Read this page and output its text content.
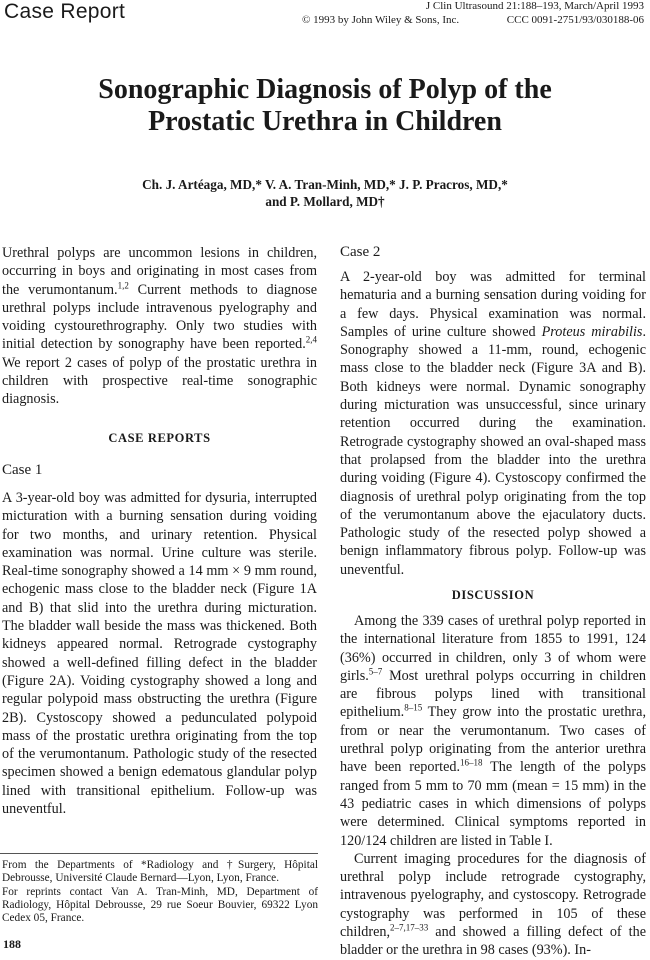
Case Report	J Clin Ultrasound 21:188–193, March/April 1993
© 1993 by John Wiley & Sons, Inc.	CCC 0091-2751/93/030188-06
Sonographic Diagnosis of Polyp of the
Prostatic Urethra in Children
Ch. J. Artéaga, MD,* V. A. Tran-Minh, MD,* J. P. Pracros, MD,*
and P. Mollard, MD†

Urethral polyps are uncommon lesions in children, occurring in boys and originating in most cases from the verumontanum.$^{1,2}$ Current methods to diagnose urethral polyps include intravenous pyelography and voiding cystourethrography. Only two studies with initial detection by sonography have been reported.$^{2,4}$ We report 2 cases of polyp of the prostatic urethra in children with prospective real-time sonographic diagnosis.

CASE REPORTS
Case 1

A 3-year-old boy was admitted for dysuria, interrupted micturation with a burning sensation during voiding for two months, and urinary retention. Physical examination was normal. Urine culture was sterile. Real-time sonography showed a 14 mm × 9 mm round, echogenic mass close to the bladder neck (Figure 1A and B) that slid into the urethra during micturation. The bladder wall beside the mass was thickened. Both kidneys appeared normal. Retrograde cystography showed a well-defined filling defect in the bladder (Figure 2A). Voiding cystography showed a long and regular polypoid mass obstructing the urethra (Figure 2B). Cystoscopy showed a pedunculated polypoid mass of the prostatic urethra originating from the top of the verumontanum. Pathologic study of the resected specimen showed a benign edematous glandular polyp lined with transitional epithelium. Follow-up was uneventful.

From the Departments of *Radiology and †Surgery, Hôpital Debrousse, Université Claude Bernard—Lyon, Lyon, France.

For reprints contact Van A. Tran-Minh, MD, Department of Radiology, Hôpital Debrousse, 29 rue Soeur Bouvier, 69322 Lyon Cedex 05, France.

188
Case 2

A 2-year-old boy was admitted for terminal hematuria and a burning sensation during voiding for a few days. Physical examination was normal. Samples of urine culture showed Proteus mirabilis. Sonography showed a 11-mm, round, echogenic mass close to the bladder neck (Figure 3A and B). Both kidneys were normal. Dynamic sonography during micturation was unsuccessful, since urinary retention occurred during the examination. Retrograde cystography showed an oval-shaped mass that prolapsed from the bladder into the urethra during voiding (Figure 4). Cystoscopy confirmed the diagnosis of urethral polyp originating from the top of the verumontanum above the ejaculatory ducts. Pathologic study of the resected polyp showed a benign inflammatory fibrous polyp. Follow-up was uneventful.

DISCUSSION

Among the 339 cases of urethral polyp reported in the international literature from 1855 to 1991, 124 (36%) occurred in children, only 3 of whom were girls.$^{5-7}$ Most urethral polyps occurring in children are fibrous polyps lined with transitional epithelium.$^{8-15}$ They grow into the prostatic urethra, from or near the verumontanum. Two cases of urethral polyp originating from the anterior urethra have been reported.$^{16-18}$ The length of the polyps ranged from 5 mm to 70 mm (mean = 15 mm) in the 43 pediatric cases in which dimensions of polyps were determined. Clinical symptoms reported in 120/124 children are listed in Table I.

Current imaging procedures for the diagnosis of urethral polyp include retrograde cystography, intravenous pyelography, and cystoscopy. Retrograde cystography was performed in 105 of these children,$^{2-7,17-33}$ and showed a filling defect of the bladder or the urethra in 98 cases (93%). In-
